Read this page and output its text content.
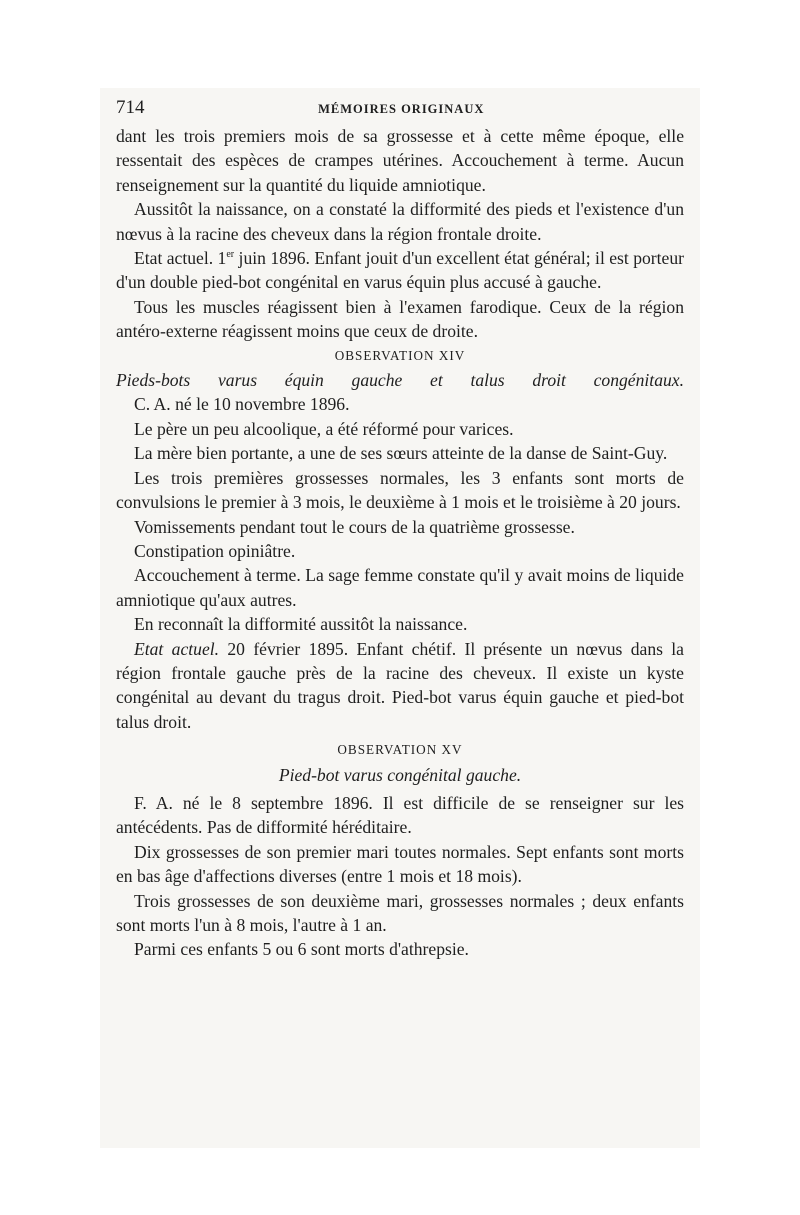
714	MÉMOIRES ORIGINAUX

dant les trois premiers mois de sa grossesse et à cette même époque, elle ressentait des espèces de crampes utérines. Accouchement à terme. Aucun renseignement sur la quantité du liquide amniotique.

Aussitôt la naissance, on a constaté la difformité des pieds et l'existence d'un nœvus à la racine des cheveux dans la région frontale droite.

Etat actuel. 1er juin 1896. Enfant jouit d'un excellent état général; il est porteur d'un double pied-bot congénital en varus équin plus accusé à gauche.

Tous les muscles réagissent bien à l'examen farodique. Ceux de la région antéro-externe réagissent moins que ceux de droite.

OBSERVATION XIV
Pieds-bots varus équin gauche et talus droit congénitaux.

C. A. né le 10 novembre 1896.

Le père un peu alcoolique, a été réformé pour varices.

La mère bien portante, a une de ses sœurs atteinte de la danse de Saint-Guy.

Les trois premières grossesses normales, les 3 enfants sont morts de convulsions le premier à 3 mois, le deuxième à 1 mois et le troisième à 20 jours.

Vomissements pendant tout le cours de la quatrième grossesse.

Constipation opiniâtre.

Accouchement à terme. La sage femme constate qu'il y avait moins de liquide amniotique qu'aux autres.

En reconnaît la difformité aussitôt la naissance.

Etat actuel. 20 février 1895. Enfant chétif. Il présente un nœvus dans la région frontale gauche près de la racine des cheveux. Il existe un kyste congénital au devant du tragus droit. Pied-bot varus équin gauche et pied-bot talus droit.

OBSERVATION XV
Pied-bot varus congénital gauche.

F. A. né le 8 septembre 1896. Il est difficile de se renseigner sur les antécédents. Pas de difformité héréditaire.

Dix grossesses de son premier mari toutes normales. Sept enfants sont morts en bas âge d'affections diverses (entre 1 mois et 18 mois).

Trois grossesses de son deuxième mari, grossesses normales ; deux enfants sont morts l'un à 8 mois, l'autre à 1 an.

Parmi ces enfants 5 ou 6 sont morts d'athrepsie.
